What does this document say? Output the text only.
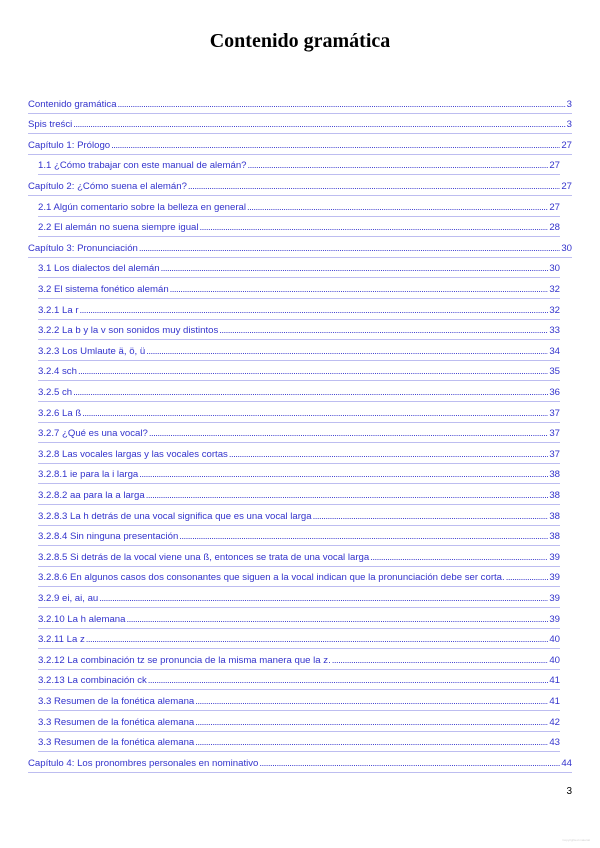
Contenido gramática
Contenido gramática . . .	3
Spis treści . . .	3
Capítulo 1: Prólogo . . .	27
1.1 ¿Cómo trabajar con este manual de alemán? . . .	27
Capítulo 2: ¿Cómo suena el alemán? . . .	27
2.1 Algún comentario sobre la belleza en general . . .	27
2.2 El alemán no suena siempre igual . . .	28
Capítulo 3: Pronunciación . . .	30
3.1 Los dialectos del alemán . . .	30
3.2 El sistema fonético alemán . . .	32
3.2.1 La r . . .	32
3.2.2 La b y la v son sonidos muy distintos . . .	33
3.2.3 Los Umlaute ä, ö, ü . . .	34
3.2.4 sch . . .	35
3.2.5 ch . . .	36
3.2.6 La ß . . .	37
3.2.7 ¿Qué es una vocal? . . .	37
3.2.8 Las vocales largas y las vocales cortas . . .	37
3.2.8.1 ie para la i larga . . .	38
3.2.8.2 aa para la a larga . . .	38
3.2.8.3 La h detrás de una vocal significa que es una vocal larga . . .	38
3.2.8.4 Sin ninguna presentación . . .	38
3.2.8.5 Si detrás de la vocal viene una ß, entonces se trata de una vocal larga . . .	39
3.2.8.6 En algunos casos dos consonantes que siguen a la vocal indican que la pronunciación debe ser corta. . . .	39
3.2.9 ei, ai, au . . .	39
3.2.10 La h alemana . . .	39
3.2.11 La z . . .	40
3.2.12 La combinación tz se pronuncia de la misma manera que la z. . . .	40
3.2.13 La combinación ck . . .	41
3.3 Resumen de la fonética alemana . . .	41
3.3 Resumen de la fonética alemana . . .	42
3.3 Resumen de la fonética alemana . . .	43
Capítulo 4: Los pronombres personales en nominativo . . .	44
3
Copyrighted material
